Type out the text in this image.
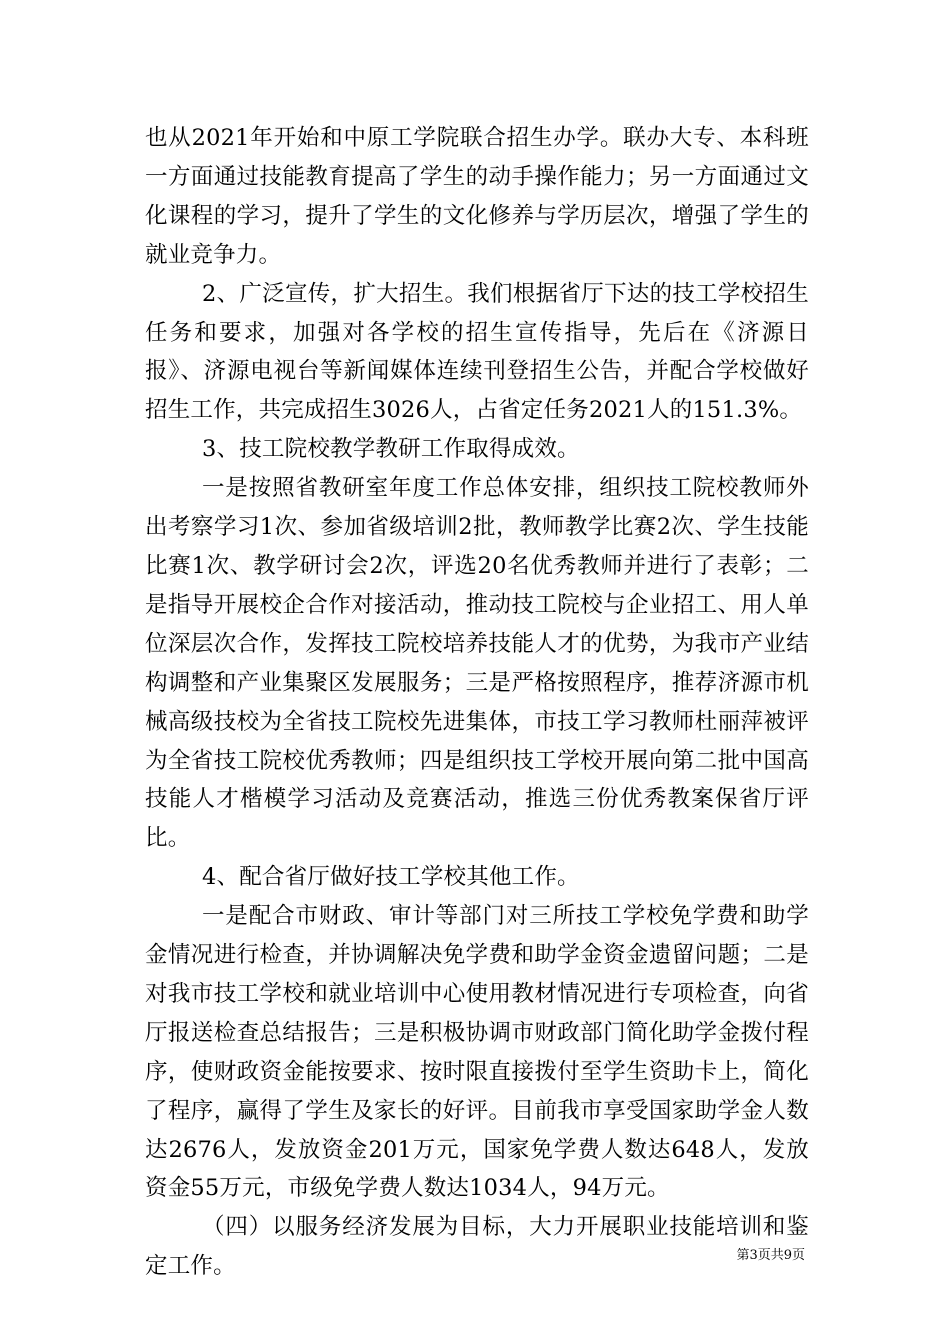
也从2021年开始和中原工学院联合招生办学。联办大专、本科班一方面通过技能教育提高了学生的动手操作能力；另一方面通过文化课程的学习，提升了学生的文化修养与学历层次，增强了学生的就业竞争力。

2、广泛宣传，扩大招生。我们根据省厅下达的技工学校招生任务和要求，加强对各学校的招生宣传指导，先后在《济源日报》、济源电视台等新闻媒体连续刊登招生公告，并配合学校做好招生工作，共完成招生3026人，占省定任务2021人的151.3%。

3、技工院校教学教研工作取得成效。

一是按照省教研室年度工作总体安排，组织技工院校教师外出考察学习1次、参加省级培训2批，教师教学比赛2次、学生技能比赛1次、教学研讨会2次，评选20名优秀教师并进行了表彰；二是指导开展校企合作对接活动，推动技工院校与企业招工、用人单位深层次合作，发挥技工院校培养技能人才的优势，为我市产业结构调整和产业集聚区发展服务；三是严格按照程序，推荐济源市机械高级技校为全省技工院校先进集体，市技工学习教师杜丽萍被评为全省技工院校优秀教师；四是组织技工学校开展向第二批中国高技能人才楷模学习活动及竞赛活动，推选三份优秀教案保省厅评比。

4、配合省厅做好技工学校其他工作。

一是配合市财政、审计等部门对三所技工学校免学费和助学金情况进行检查，并协调解决免学费和助学金资金遗留问题；二是对我市技工学校和就业培训中心使用教材情况进行专项检查，向省厅报送检查总结报告；三是积极协调市财政部门简化助学金拨付程序，使财政资金能按要求、按时限直接拨付至学生资助卡上，简化了程序，赢得了学生及家长的好评。目前我市享受国家助学金人数达2676人，发放资金201万元，国家免学费人数达648人，发放资金55万元，市级免学费人数达1034人，94万元。

（四）以服务经济发展为目标，大力开展职业技能培训和鉴定工作。	第3页共9页
